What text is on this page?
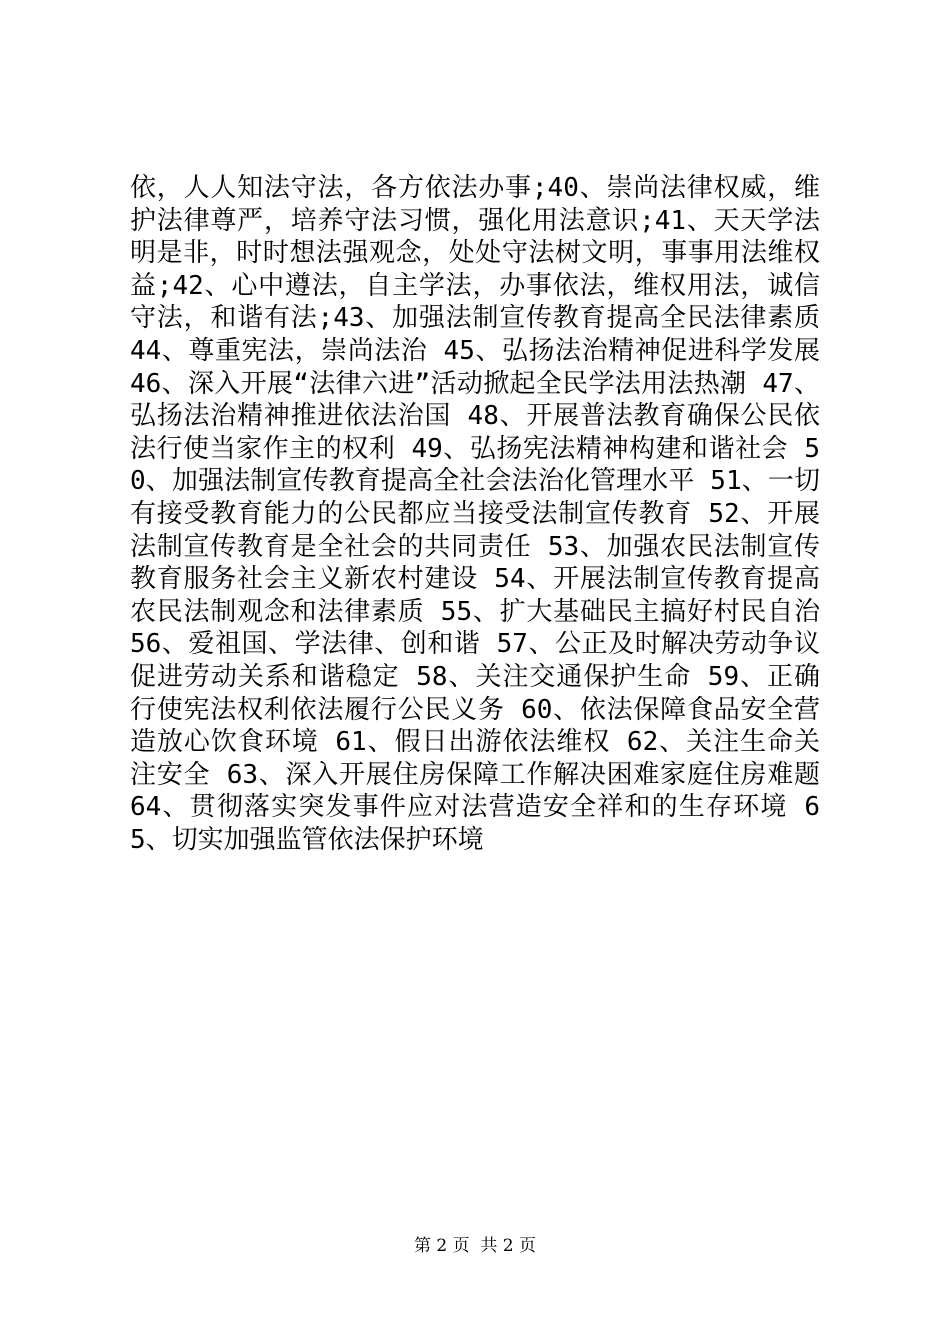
依，人人知法守法，各方依法办事;40、崇尚法律权威，维护法律尊严，培养守法习惯，强化用法意识;41、天天学法明是非，时时想法强观念，处处守法树文明，事事用法维权益;42、心中遵法，自主学法，办事依法，维权用法，诚信守法，和谐有法;43、加强法制宣传教育提高全民法律素质 44、尊重宪法，崇尚法治 45、弘扬法治精神促进科学发展 46、深入开展“法律六进”活动掀起全民学法用法热潮 47、弘扬法治精神推进依法治国 48、开展普法教育确保公民依法行使当家作主的权利 49、弘扬宪法精神构建和谐社会 50、加强法制宣传教育提高全社会法治化管理水平 51、一切有接受教育能力的公民都应当接受法制宣传教育 52、开展法制宣传教育是全社会的共同责任 53、加强农民法制宣传教育服务社会主义新农村建设 54、开展法制宣传教育提高农民法制观念和法律素质 55、扩大基础民主搞好村民自治 56、爱祖国、学法律、创和谐 57、公正及时解决劳动争议促进劳动关系和谐稳定 58、关注交通保护生命 59、正确行使宪法权利依法履行公民义务 60、依法保障食品安全营造放心饮食环境 61、假日出游依法维权 62、关注生命关注安全 63、深入开展住房保障工作解决困难家庭住房难题 64、贯彻落实突发事件应对法营造安全祥和的生存环境 65、切实加强监管依法保护环境

第 2 页  共 2 页
